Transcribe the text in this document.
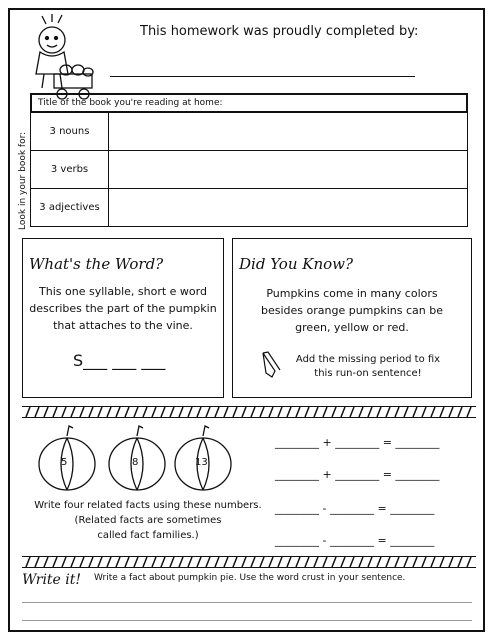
This homework was proudly completed by:
Look in your book for:
Title of the book you're reading at home:
3 nouns
3 verbs
3 adjectives
What's the Word?
This one syllable, short e word
describes the part of the pumpkin
that attaches to the vine.
S___ ___ ___
Did You Know?
Pumpkins come in many colors
besides orange pumpkins can be
green, yellow or red.
Add the missing period to fix
this run-on sentence!
5	8	13
Write four related facts using these numbers.
(Related facts are sometimes
called fact families.)
________ + ________ = ________
________ + ________ = ________
________ - ________ = ________
________ - ________ = ________
Write it! Write a fact about pumpkin pie. Use the word crust in your sentence.
